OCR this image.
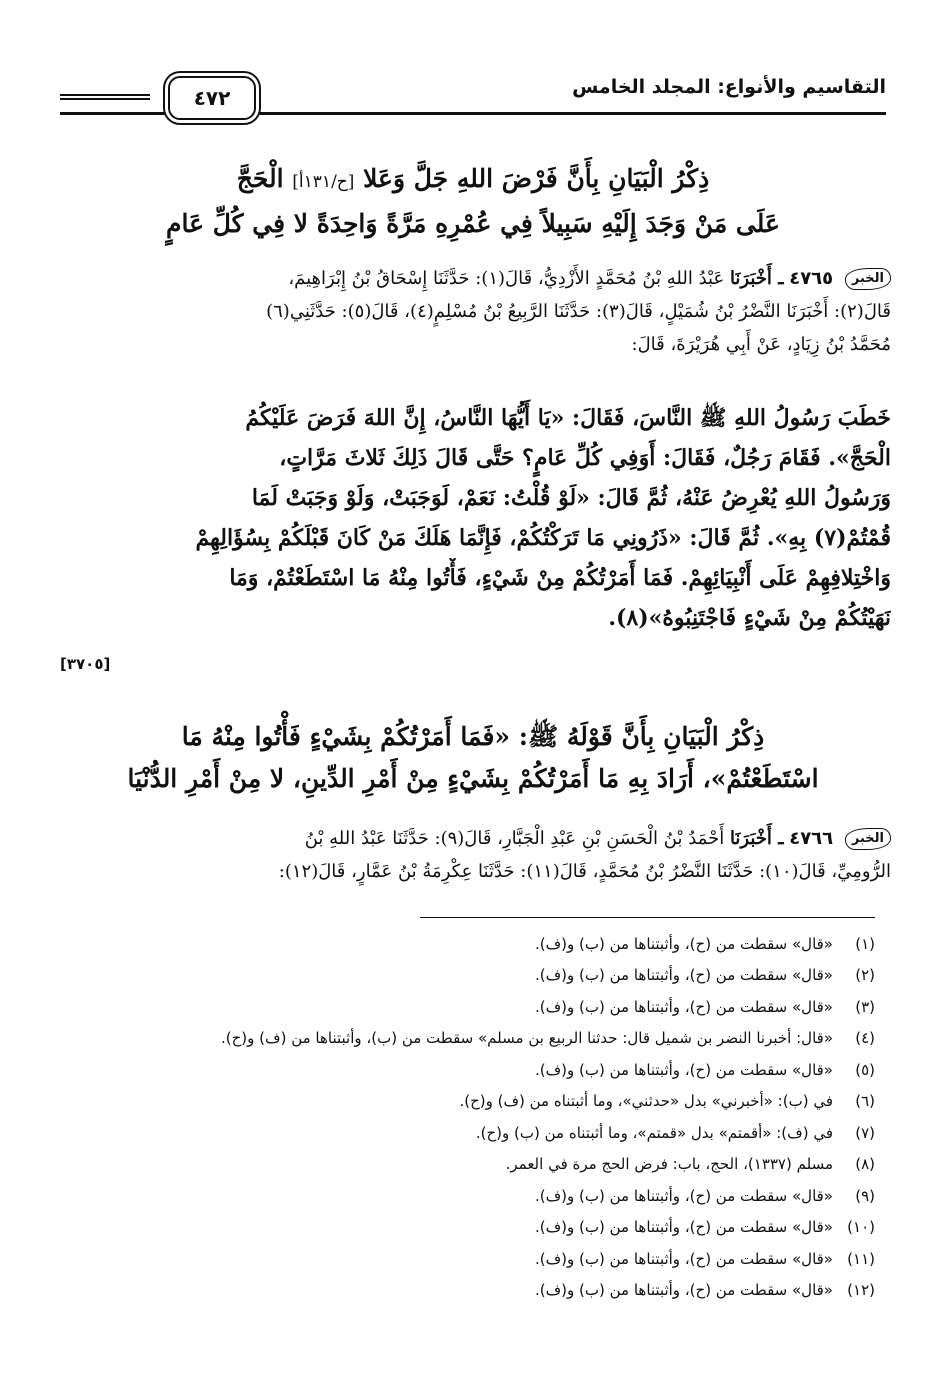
٤٧٢	التقاسيم والأنواع: المجلد الخامس
ذِكْرُ الْبَيَانِ بِأَنَّ فَرْضَ اللهِ جَلَّ وَعَلا [ح/١٣١أ] الْحَجَّ
عَلَى مَنْ وَجَدَ إِلَيْهِ سَبِيلاً فِي عُمْرِهِ مَرَّةً وَاحِدَةً لا فِي كُلِّ عَامٍ
الخبر ٤٧٦٥ ـ أَخْبَرَنَا عَبْدُ اللهِ بْنُ مُحَمَّدٍ الأَزْدِيُّ، قَالَ(١): حَدَّثَنَا إِسْحَاقُ بْنُ إِبْرَاهِيمَ،
قَالَ(٢): أَخْبَرَنَا النَّضْرُ بْنُ شُمَيْلٍ، قَالَ(٣): حَدَّثَنَا الرَّبِيعُ بْنُ مُسْلِمٍ(٤)، قَالَ(٥): حَدَّثَنِي(٦)
مُحَمَّدُ بْنُ زِيَادٍ، عَنْ أَبِي هُرَيْرَةَ، قَالَ:
خَطَبَ رَسُولُ اللهِ ﷺ النَّاسَ، فَقَالَ: «يَا أَيُّهَا النَّاسُ، إِنَّ اللهَ فَرَضَ عَلَيْكُمُ
الْحَجَّ». فَقَامَ رَجُلٌ، فَقَالَ: أَوَفِي كُلِّ عَامٍ؟ حَتَّى قَالَ ذَلِكَ ثَلاثَ مَرَّاتٍ،
وَرَسُولُ اللهِ يُعْرِضُ عَنْهُ، ثُمَّ قَالَ: «لَوْ قُلْتُ: نَعَمْ، لَوَجَبَتْ، وَلَوْ وَجَبَتْ لَمَا
قُمْتُمْ(٧) بِهِ». ثُمَّ قَالَ: «ذَرُونِي مَا تَرَكْتُكُمْ، فَإِنَّمَا هَلَكَ مَنْ كَانَ قَبْلَكُمْ بِسُؤَالِهِمْ
وَاخْتِلافِهِمْ عَلَى أَنْبِيَائِهِمْ. فَمَا أَمَرْتُكُمْ مِنْ شَيْءٍ، فَأْتُوا مِنْهُ مَا اسْتَطَعْتُمْ، وَمَا
نَهَيْتُكُمْ مِنْ شَيْءٍ فَاجْتَنِبُوهُ»(٨).
[٣٧٠٥]
ذِكْرُ الْبَيَانِ بِأَنَّ قَوْلَهُ ﷺ: «فَمَا أَمَرْتُكُمْ بِشَيْءٍ فَأْتُوا مِنْهُ مَا
اسْتَطَعْتُمْ»، أَرَادَ بِهِ مَا أَمَرْتُكُمْ بِشَيْءٍ مِنْ أَمْرِ الدِّينِ، لا مِنْ أَمْرِ الدُّنْيَا
الخبر ٤٧٦٦ ـ أَخْبَرَنَا أَحْمَدُ بْنُ الْحَسَنِ بْنِ عَبْدِ الْجَبَّارِ، قَالَ(٩): حَدَّثَنَا عَبْدُ اللهِ بْنُ
الرُّومِيِّ، قَالَ(١٠): حَدَّثَنَا النَّضْرُ بْنُ مُحَمَّدٍ، قَالَ(١١): حَدَّثَنَا عِكْرِمَةُ بْنُ عَمَّارٍ، قَالَ(١٢):
(١)
«قال» سقطت من (ح)، وأثبتناها من (ب) و(ف).
(٢)
«قال» سقطت من (ح)، وأثبتناها من (ب) و(ف).
(٣)
«قال» سقطت من (ح)، وأثبتناها من (ب) و(ف).
(٤)
«قال: أخبرنا النضر بن شميل قال: حدثنا الربيع بن مسلم» سقطت من (ب)، وأثبتناها من (ف) و(ح).
(٥)
«قال» سقطت من (ح)، وأثبتناها من (ب) و(ف).
(٦)
في (ب): «أخبرني» بدل «حدثني»، وما أثبتناه من (ف) و(ح).
(٧)
في (ف): «أقمتم» بدل «قمتم»، وما أثبتناه من (ب) و(ح).
(٨)
مسلم (١٣٣٧)، الحج، باب: فرض الحج مرة في العمر.
(٩)
«قال» سقطت من (ح)، وأثبتناها من (ب) و(ف).
(١٠)
«قال» سقطت من (ح)، وأثبتناها من (ب) و(ف).
(١١)
«قال» سقطت من (ح)، وأثبتناها من (ب) و(ف).
(١٢)
«قال» سقطت من (ح)، وأثبتناها من (ب) و(ف).
